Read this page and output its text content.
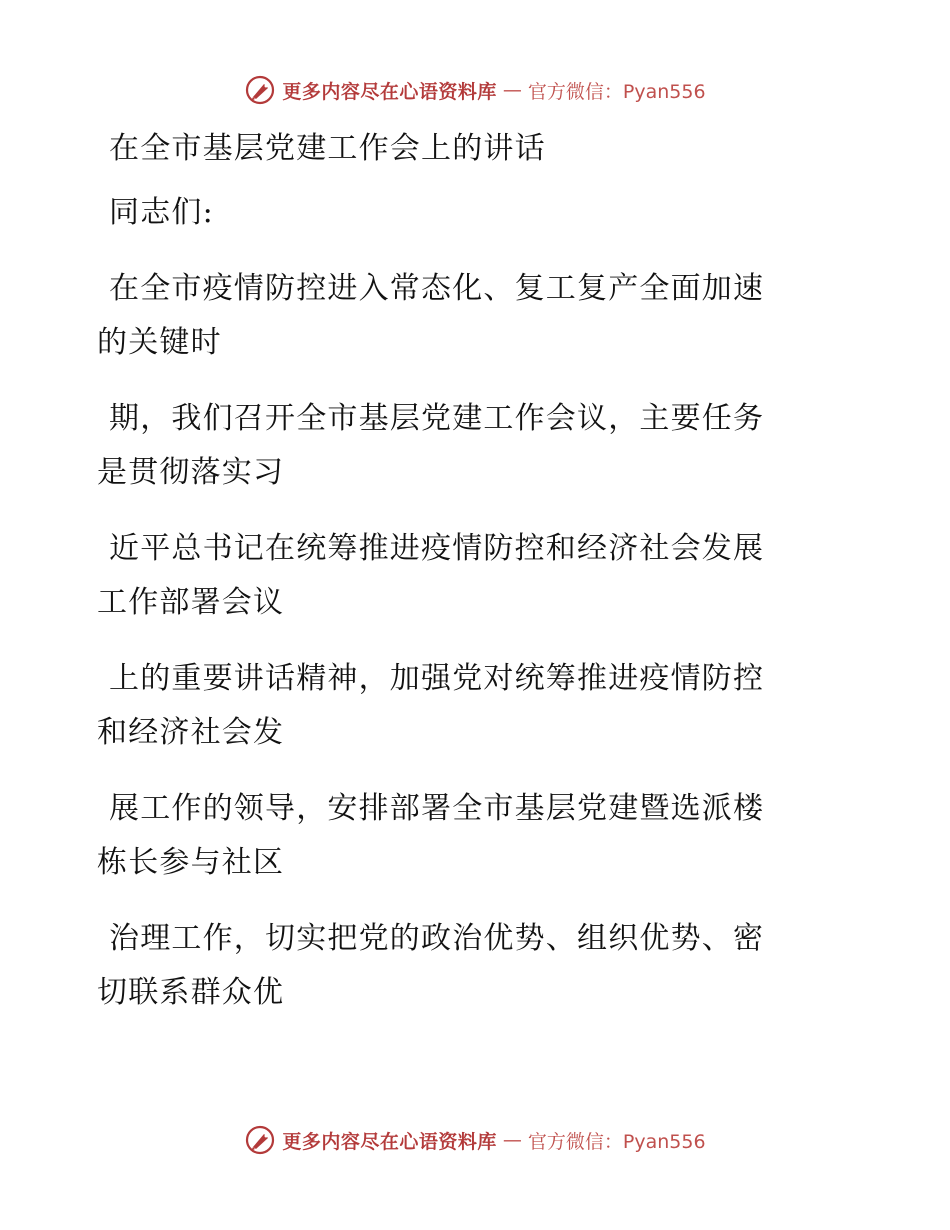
更多内容尽在心语资料库 — 官方微信：Pyan556
在全市基层党建工作会上的讲话
同志们:
在全市疫情防控进入常态化、复工复产全面加速
的关键时
期，我们召开全市基层党建工作会议，主要任务
是贯彻落实习
近平总书记在统筹推进疫情防控和经济社会发展
工作部署会议
上的重要讲话精神，加强党对统筹推进疫情防控
和经济社会发
展工作的领导，安排部署全市基层党建暨选派楼
栋长参与社区
治理工作，切实把党的政治优势、组织优势、密
切联系群众优
更多内容尽在心语资料库 — 官方微信：Pyan556
